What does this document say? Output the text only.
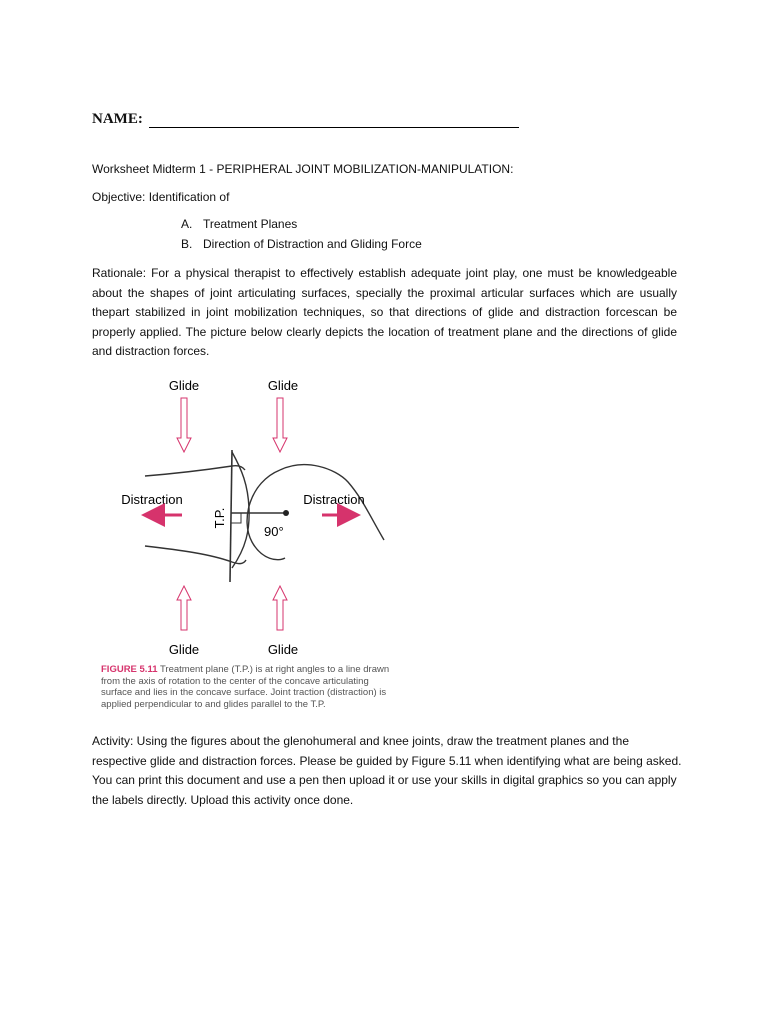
NAME:
Worksheet Midterm 1 - PERIPHERAL JOINT MOBILIZATION-MANIPULATION:
Objective: Identification of
A. Treatment Planes
B. Direction of Distraction and Gliding Force
Rationale: For a physical therapist to effectively establish adequate joint play, one must be knowledgeable about the shapes of joint articulating surfaces, specially the proximal articular surfaces which are usually thepart stabilized in joint mobilization techniques, so that directions of glide and distraction forcescan be properly applied. The picture below clearly depicts the location of treatment plane and the directions of glide and distraction forces.
Glide	Glide
T.P.
90°
Distraction	Distraction
Glide	Glide
FIGURE 5.11 Treatment plane (T.P.) is at right angles to a line drawn from the axis of rotation to the center of the concave articulating surface and lies in the concave surface. Joint traction (distraction) is applied perpendicular to and glides parallel to the T.P.
Activity: Using the figures about the glenohumeral and knee joints, draw the treatment planes and the respective glide and distraction forces. Please be guided by Figure 5.11 when identifying what are being asked. You can print this document and use a pen then upload it or use your skills in digital graphics so you can apply the labels directly. Upload this activity once done.
